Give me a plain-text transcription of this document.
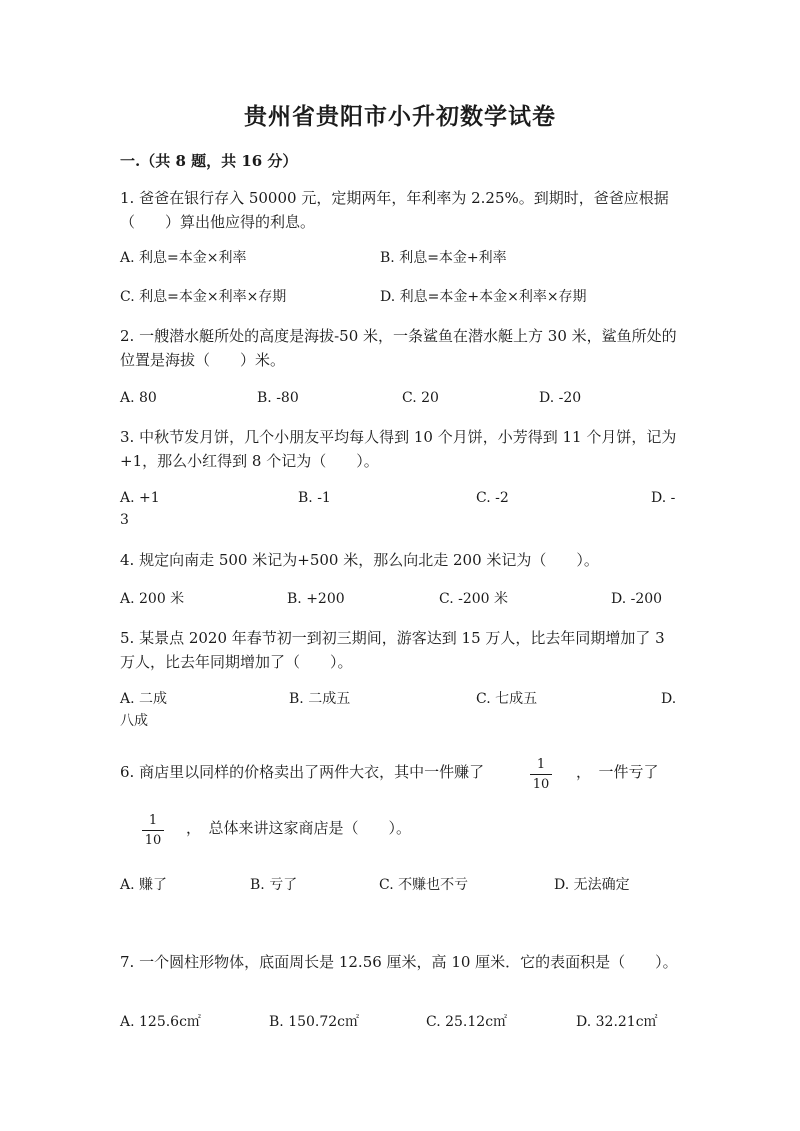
贵州省贵阳市小升初数学试卷
一.（共 8 题，共 16 分）
1. 爸爸在银行存入 50000 元，定期两年，年利率为 2.25%。到期时，爸爸应根据（　　）算出他应得的利息。
A. 利息=本金×利率	B. 利息=本金+利率
C. 利息=本金×利率×存期	D. 利息=本金+本金×利率×存期
2. 一艘潜水艇所处的高度是海拔-50 米，一条鲨鱼在潜水艇上方 30 米，鲨鱼所处的位置是海拔（　　）米。
A. 80	B. -80	C. 20	D. -20
3. 中秋节发月饼，几个小朋友平均每人得到 10 个月饼，小芳得到 11 个月饼，记为+1，那么小红得到 8 个记为（　　）。
A. +1	B. -1	C. -2	D. -
3
4. 规定向南走 500 米记为+500 米，那么向北走 200 米记为（　　）。
A. 200 米	B. +200	C. -200 米	D. -200
5. 某景点 2020 年春节初一到初三期间，游客达到 15 万人，比去年同期增加了 3 万人，比去年同期增加了（　　）。
A. 二成	B. 二成五	C. 七成五	D.
八成
6. 商店里以同样的价格卖出了两件大衣，其中一件赚了	1
10
，　一件亏了
1
10
，　总体来讲这家商店是（　　）。
A. 赚了	B. 亏了	C. 不赚也不亏	D. 无法确定
7. 一个圆柱形物体，底面周长是 12.56 厘米，高 10 厘米．它的表面积是（　　）。
A. 125.6c㎡	B. 150.72c㎡	C. 25.12c㎡	D. 32.21c㎡
